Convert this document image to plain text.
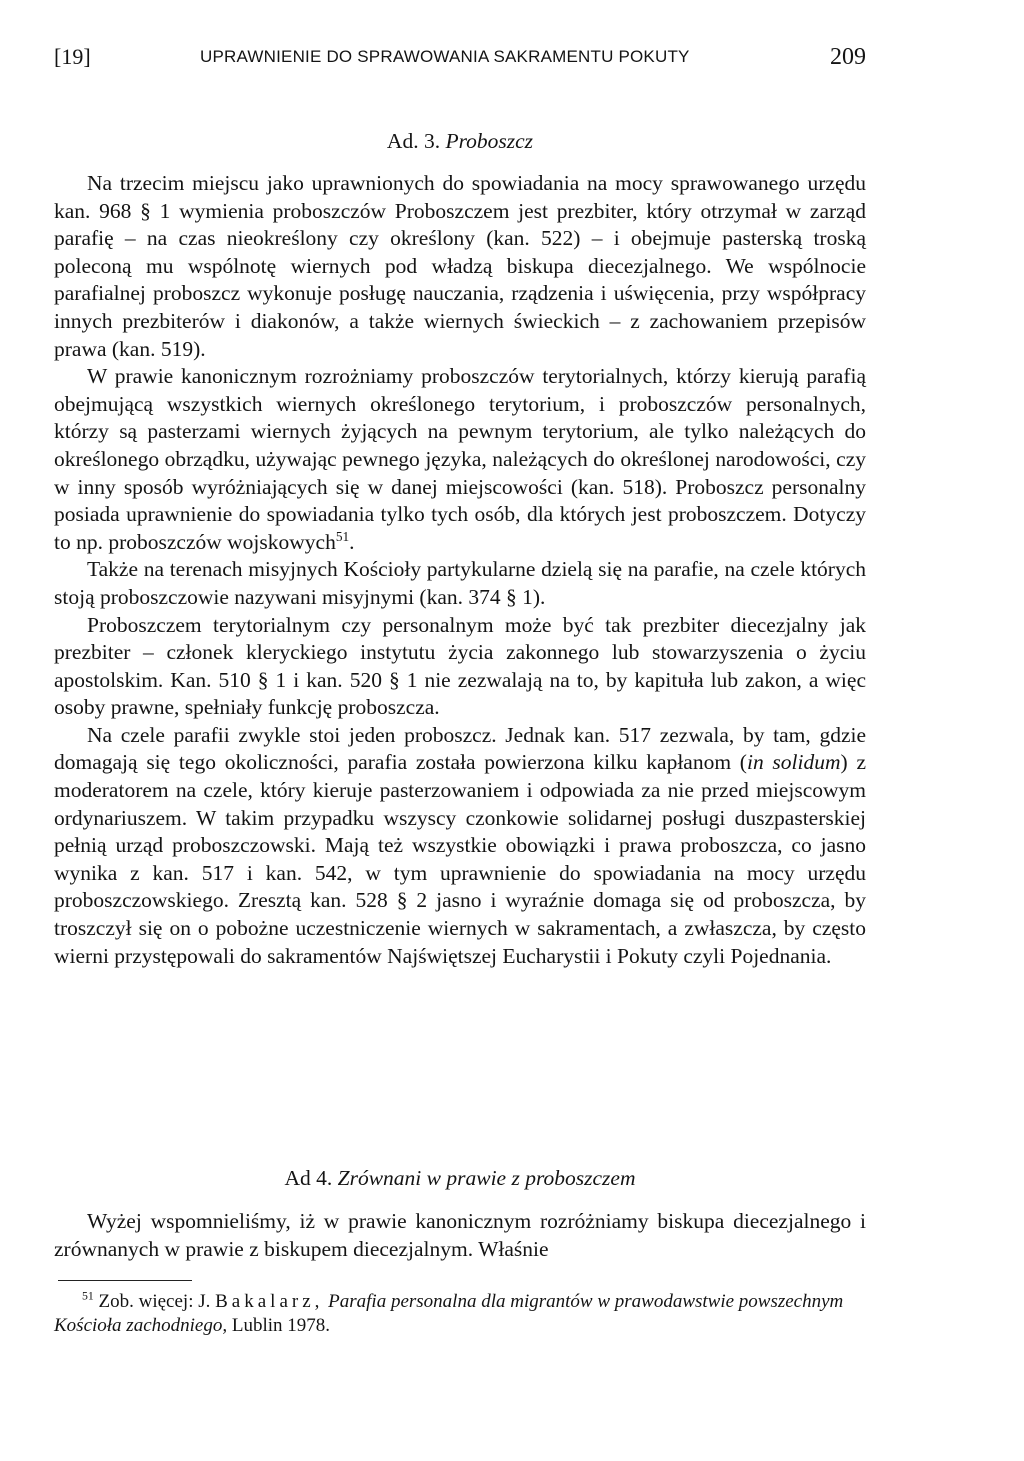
[19]	UPRAWNIENIE DO SPRAWOWANIA SAKRAMENTU POKUTY	209
Ad. 3. Proboszcz

Na trzecim miejscu jako uprawnionych do spowiadania na mocy sprawowanego urzędu kan. 968 § 1 wymienia proboszczów Proboszczem jest prezbiter, który otrzymał w zarząd parafię – na czas nieokreślony czy określony (kan. 522) – i obejmuje pasterską troską poleconą mu wspólnotę wiernych pod władzą biskupa diecezjalnego. We wspólnocie parafialnej proboszcz wykonuje posługę nauczania, rządzenia i uświęcenia, przy współpracy innych prezbiterów i diakonów, a także wiernych świeckich – z zachowaniem przepisów prawa (kan. 519).

W prawie kanonicznym rozrożniamy proboszczów terytorialnych, którzy kierują parafią obejmującą wszystkich wiernych określonego terytorium, i proboszczów personalnych, którzy są pasterzami wiernych żyjących na pewnym terytorium, ale tylko należących do określonego obrządku, używając pewnego języka, należących do określonej narodowości, czy w inny sposób wyróżniających się w danej miejscowości (kan. 518). Proboszcz personalny posiada uprawnienie do spowiadania tylko tych osób, dla których jest proboszczem. Dotyczy to np. proboszczów wojskowych$^{51}$.

Także na terenach misyjnych Kościoły partykularne dzielą się na parafie, na czele których stoją proboszczowie nazywani misyjnymi (kan. 374 § 1).

Proboszczem terytorialnym czy personalnym może być tak prezbiter diecezjalny jak prezbiter – członek kleryckiego instytutu życia zakonnego lub stowarzyszenia o życiu apostolskim. Kan. 510 § 1 i kan. 520 § 1 nie zezwalają na to, by kapituła lub zakon, a więc osoby prawne, spełniały funkcję proboszcza.

Na czele parafii zwykle stoi jeden proboszcz. Jednak kan. 517 zezwala, by tam, gdzie domagają się tego okoliczności, parafia została powierzona kilku kapłanom (in solidum) z moderatorem na czele, który kieruje pasterzowaniem i odpowiada za nie przed miejscowym ordynariuszem. W takim przypadku wszyscy czonkowie solidarnej posługi duszpasterskiej pełnią urząd proboszczowski. Mają też wszystkie obowiązki i prawa proboszcza, co jasno wynika z kan. 517 i kan. 542, w tym uprawnienie do spowiadania na mocy urzędu proboszczowskiego. Zresztą kan. 528 § 2 jasno i wyraźnie domaga się od proboszcza, by troszczył się on o pobożne uczestniczenie wiernych w sakramentach, a zwłaszcza, by często wierni przystępowali do sakramentów Najświętszej Eucharystii i Pokuty czyli Pojednania.

Ad 4. Zrównani w prawie z proboszczem

Wyżej wspomnieliśmy, iż w prawie kanonicznym rozróżniamy biskupa diecezjalnego i zrównanych w prawie z biskupem diecezjalnym. Właśnie

$^{51}$ Zob. więcej: J. Bakalarz, Parafia personalna dla migrantów w prawodawstwie powszechnym Kościoła zachodniego, Lublin 1978.
